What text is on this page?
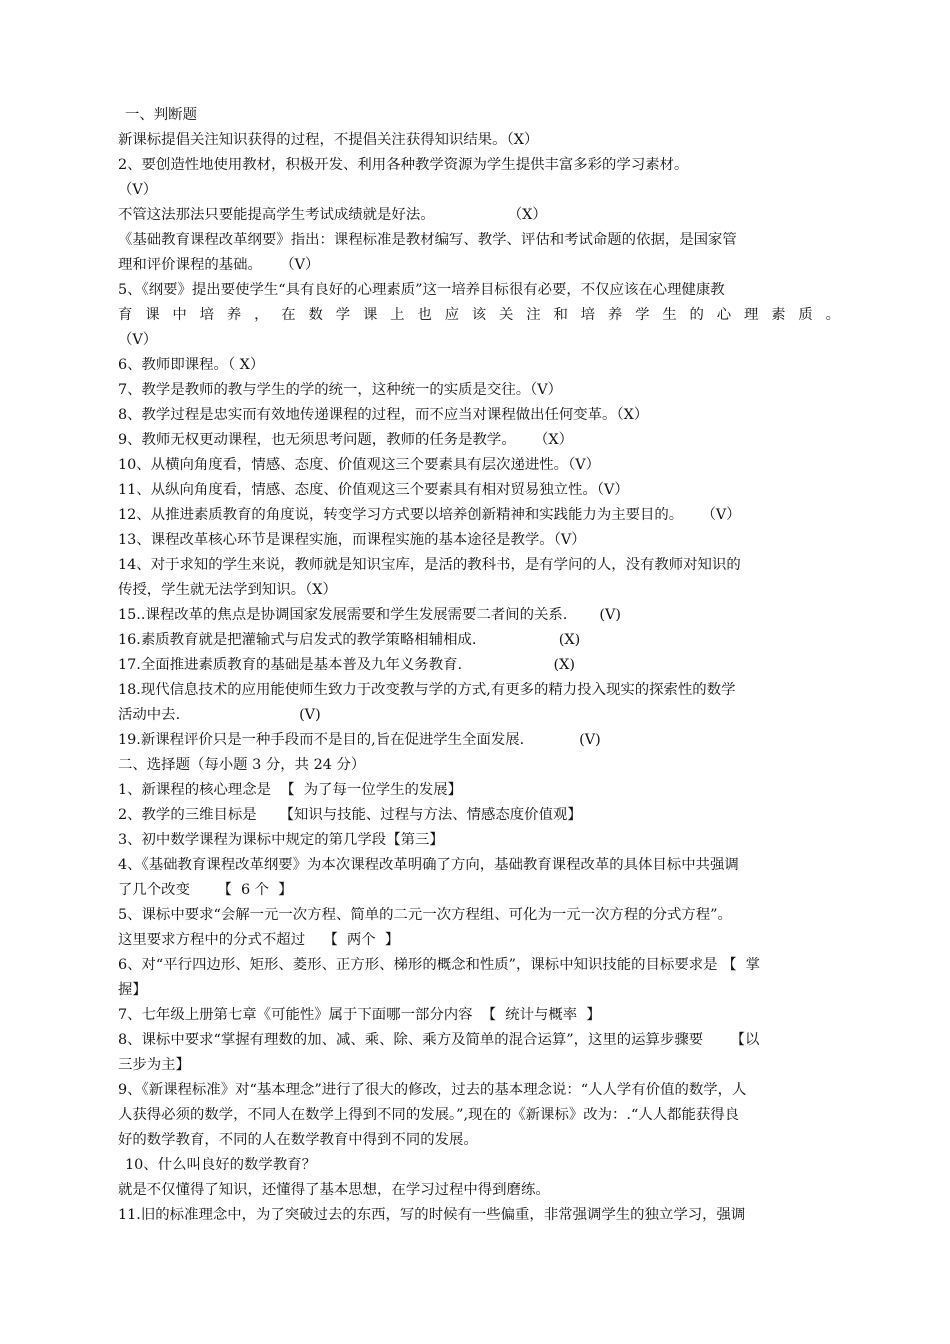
一、判断题
新课标提倡关注知识获得的过程，不提倡关注获得知识结果。（X）
2、要创造性地使用教材，积极开发、利用各种教学资源为学生提供丰富多彩的学习素材。
（V）
不管这法那法只要能提高学生考试成绩就是好法。                （X）
《基础教育课程改革纲要》指出：课程标准是教材编写、教学、评估和考试命题的依据，是国家管
理和评价课程的基础。    （V）
5、《纲要》提出要使学生“具有良好的心理素质”这一培养目标很有必要，不仅应该在心理健康教
育 课 中 培 养 ， 在 数 学 课 上 也 应 该 关 注 和 培 养 学 生 的 心 理 素 质 。
（V）
6、教师即课程。（ X）
7、教学是教师的教与学生的学的统一，这种统一的实质是交往。（V）
8、教学过程是忠实而有效地传递课程的过程，而不应当对课程做出任何变革。（X）
9、教师无权更动课程，也无须思考问题，教师的任务是教学。    （X）
10、从横向角度看，情感、态度、价值观这三个要素具有层次递进性。（V）
11、从纵向角度看，情感、态度、价值观这三个要素具有相对贸易独立性。（V）
12、从推进素质教育的角度说，转变学习方式要以培养创新精神和实践能力为主要目的。    （V）
13、课程改革核心环节是课程实施，而课程实施的基本途径是教学。（V）
14、对于求知的学生来说，教师就是知识宝库，是活的教科书，是有学问的人，没有教师对知识的
传授，学生就无法学到知识。（X）
15..课程改革的焦点是协调国家发展需要和学生发展需要二者间的关系.       (V)
16.素质教育就是把灌输式与启发式的教学策略相辅相成.                  (X)
17.全面推进素质教育的基础是基本普及九年义务教育.                    (X)
18.现代信息技术的应用能使师生致力于改变教与学的方式,有更多的精力投入现实的探索性的数学
活动中去.                          (V)
19.新课程评价只是一种手段而不是目的,旨在促进学生全面发展.            (V)
二、选择题（每小题 3 分，共 24 分）
1、新课程的核心理念是  【  为了每一位学生的发展】
2、教学的三维目标是     【知识与技能、过程与方法、情感态度价值观】
3、初中数学课程为课标中规定的第几学段【第三】
4、《基础教育课程改革纲要》为本次课程改革明确了方向，基础教育课程改革的具体目标中共强调
了几个改变      【  6 个  】
5、课标中要求“会解一元一次方程、简单的二元一次方程组、可化为一元一次方程的分式方程”。
这里要求方程中的分式不超过    【  两个  】
6、对“平行四边形、矩形、菱形、正方形、梯形的概念和性质”，课标中知识技能的目标要求是 【  掌
握】
7、七年级上册第七章《可能性》属于下面哪一部分内容  【  统计与概率  】
8、课标中要求“掌握有理数的加、减、乘、除、乘方及简单的混合运算”，这里的运算步骤要      【以
三步为主】
9、《新课程标准》对“基本理念”进行了很大的修改，过去的基本理念说：“人人学有价值的数学，人
人获得必须的数学，不同人在数学上得到不同的发展。”,现在的《新课标》改为：.“人人都能获得良
好的数学教育，不同的人在数学教育中得到不同的发展。
10、什么叫良好的数学教育？
就是不仅懂得了知识，还懂得了基本思想，在学习过程中得到磨练。
11.旧的标准理念中，为了突破过去的东西，写的时候有一些偏重，非常强调学生的独立学习，强调
